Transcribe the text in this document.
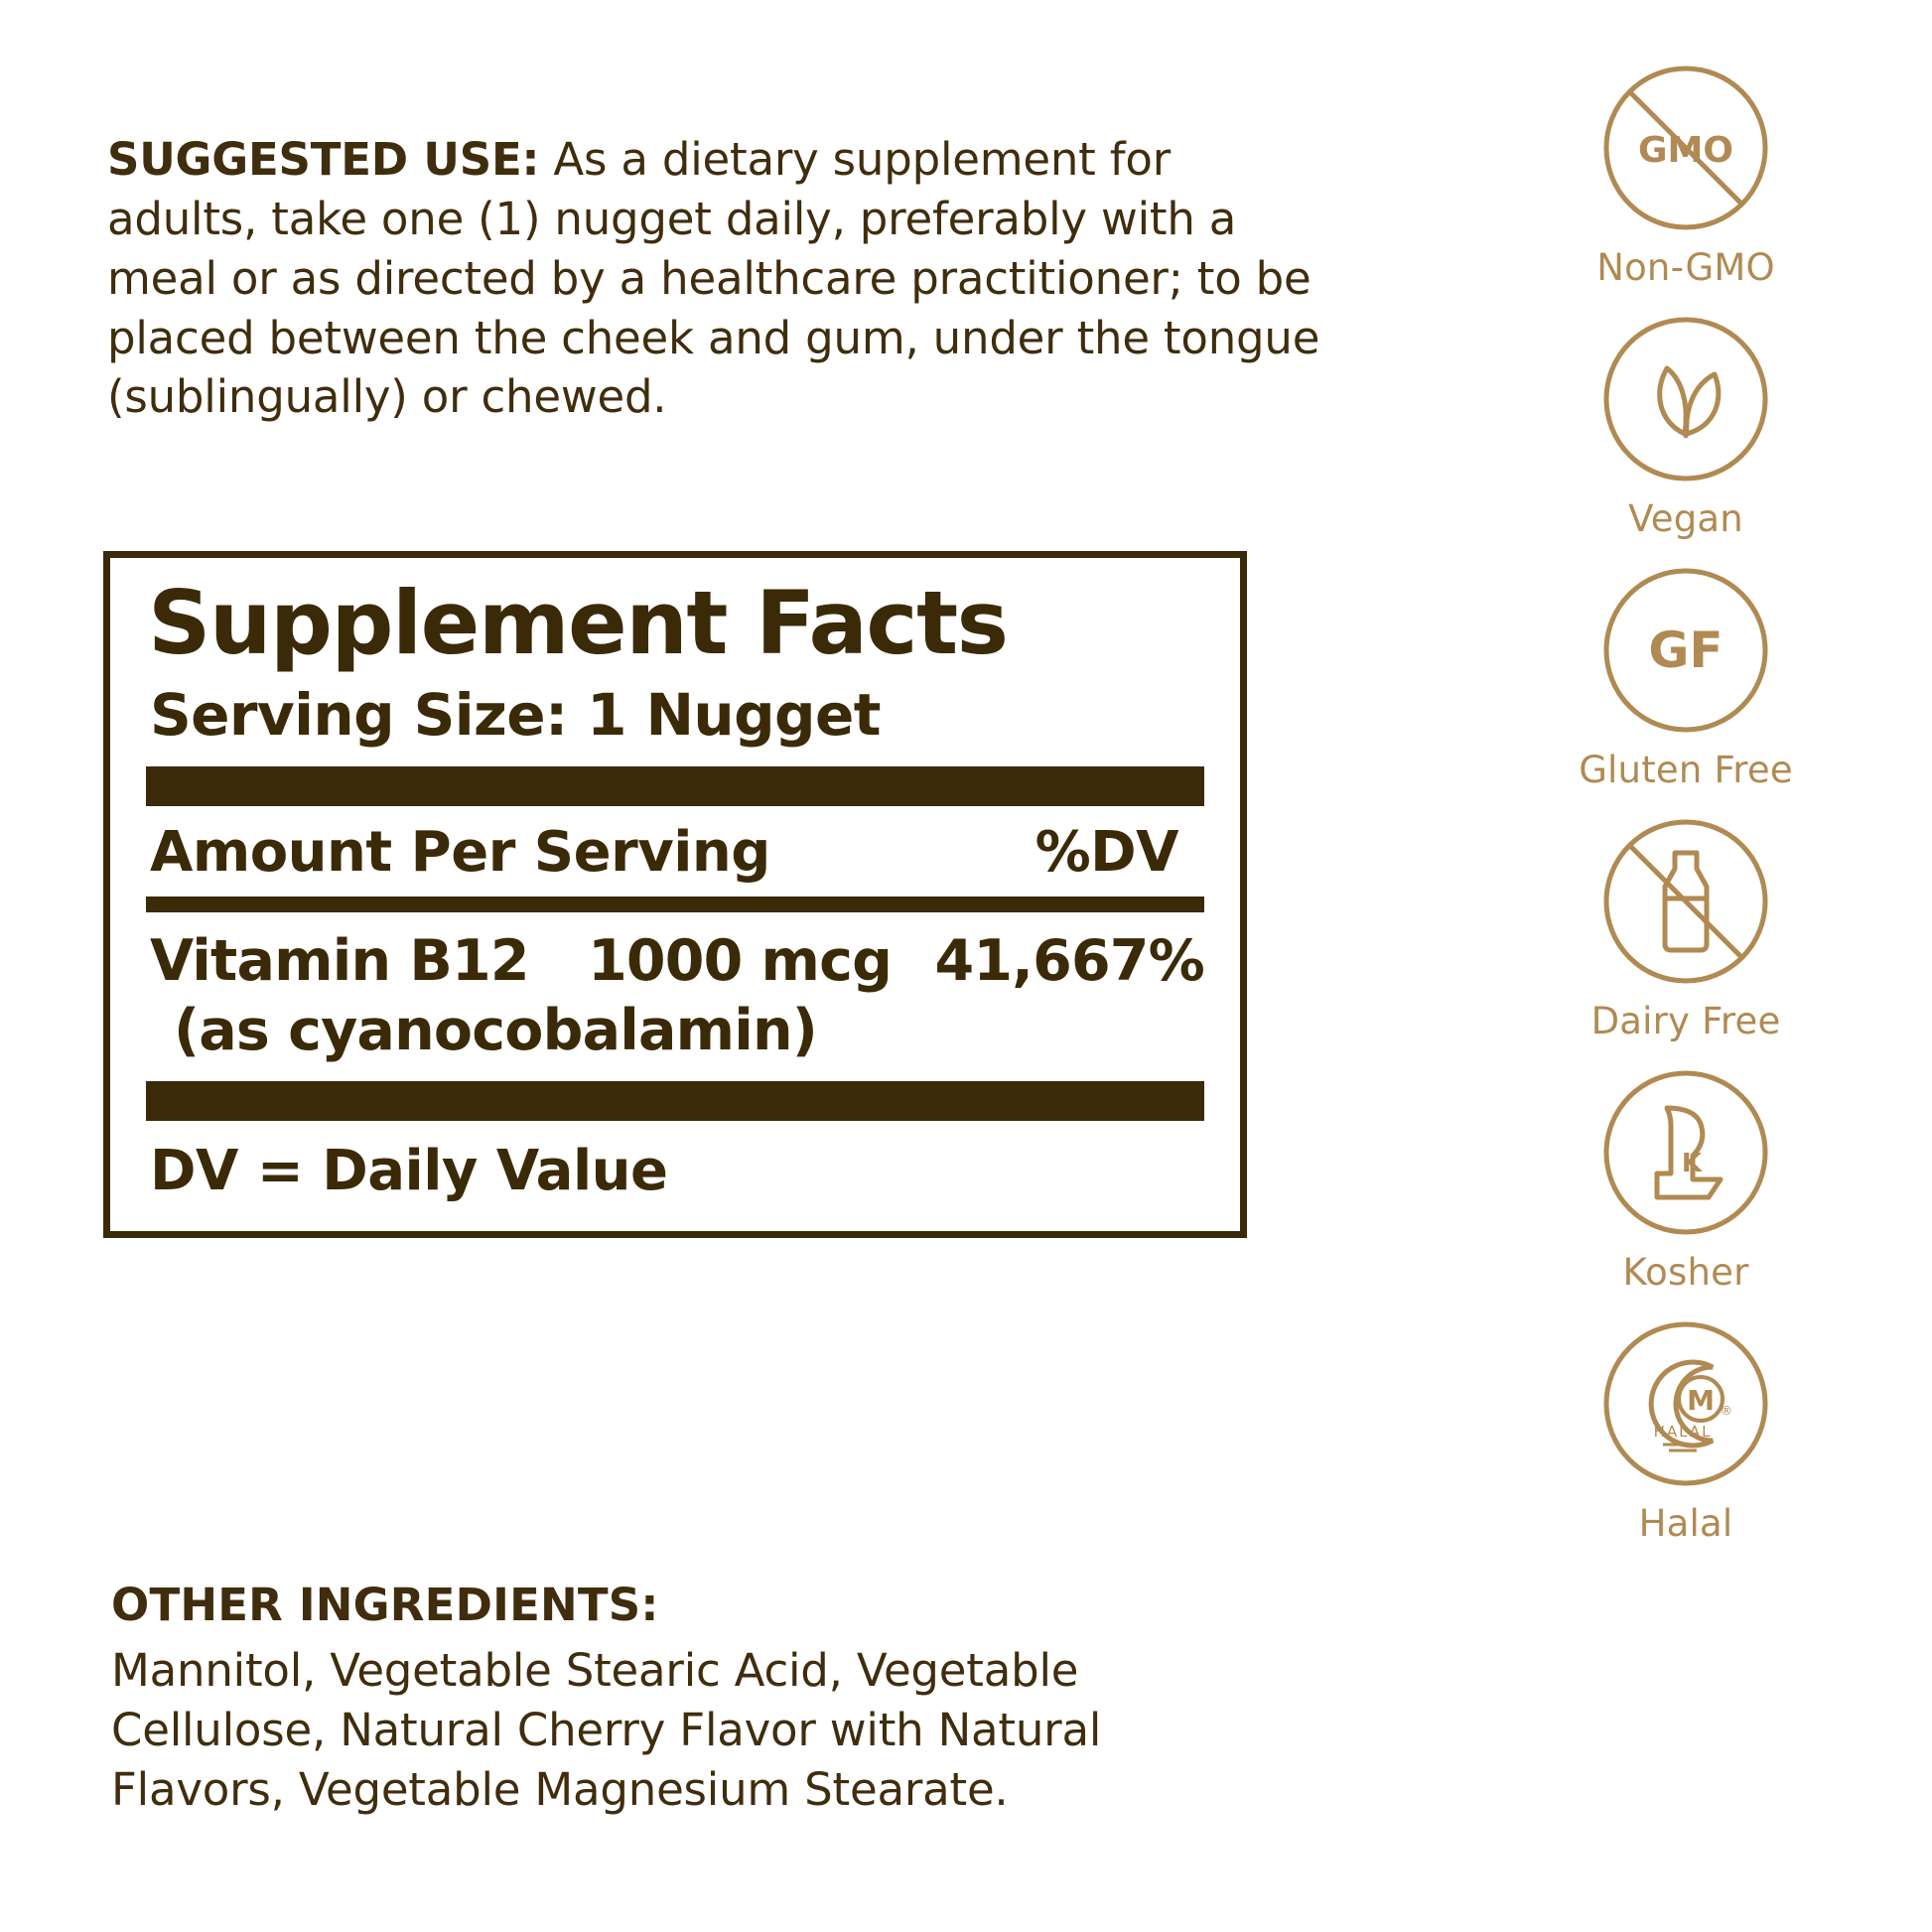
SUGGESTED USE: As a dietary supplement for adults, take one (1) nugget daily, preferably with a meal or as directed by a healthcare practitioner; to be placed between the cheek and gum, under the tongue (sublingually) or chewed.

Supplement Facts
Serving Size: 1 Nugget
Amount Per Serving	%DV
Vitamin B12 1000 mcg 41,667%
(as cyanocobalamin)
DV = Daily Value
OTHER INGREDIENTS:
Mannitol, Vegetable Stearic Acid, Vegetable Cellulose, Natural Cherry Flavor with Natural Flavors, Vegetable Magnesium Stearate.
GMO
Non-GMO
Vegan
GF
Gluten Free
Dairy Free
K
Kosher
M ®
HALAL
Halal
